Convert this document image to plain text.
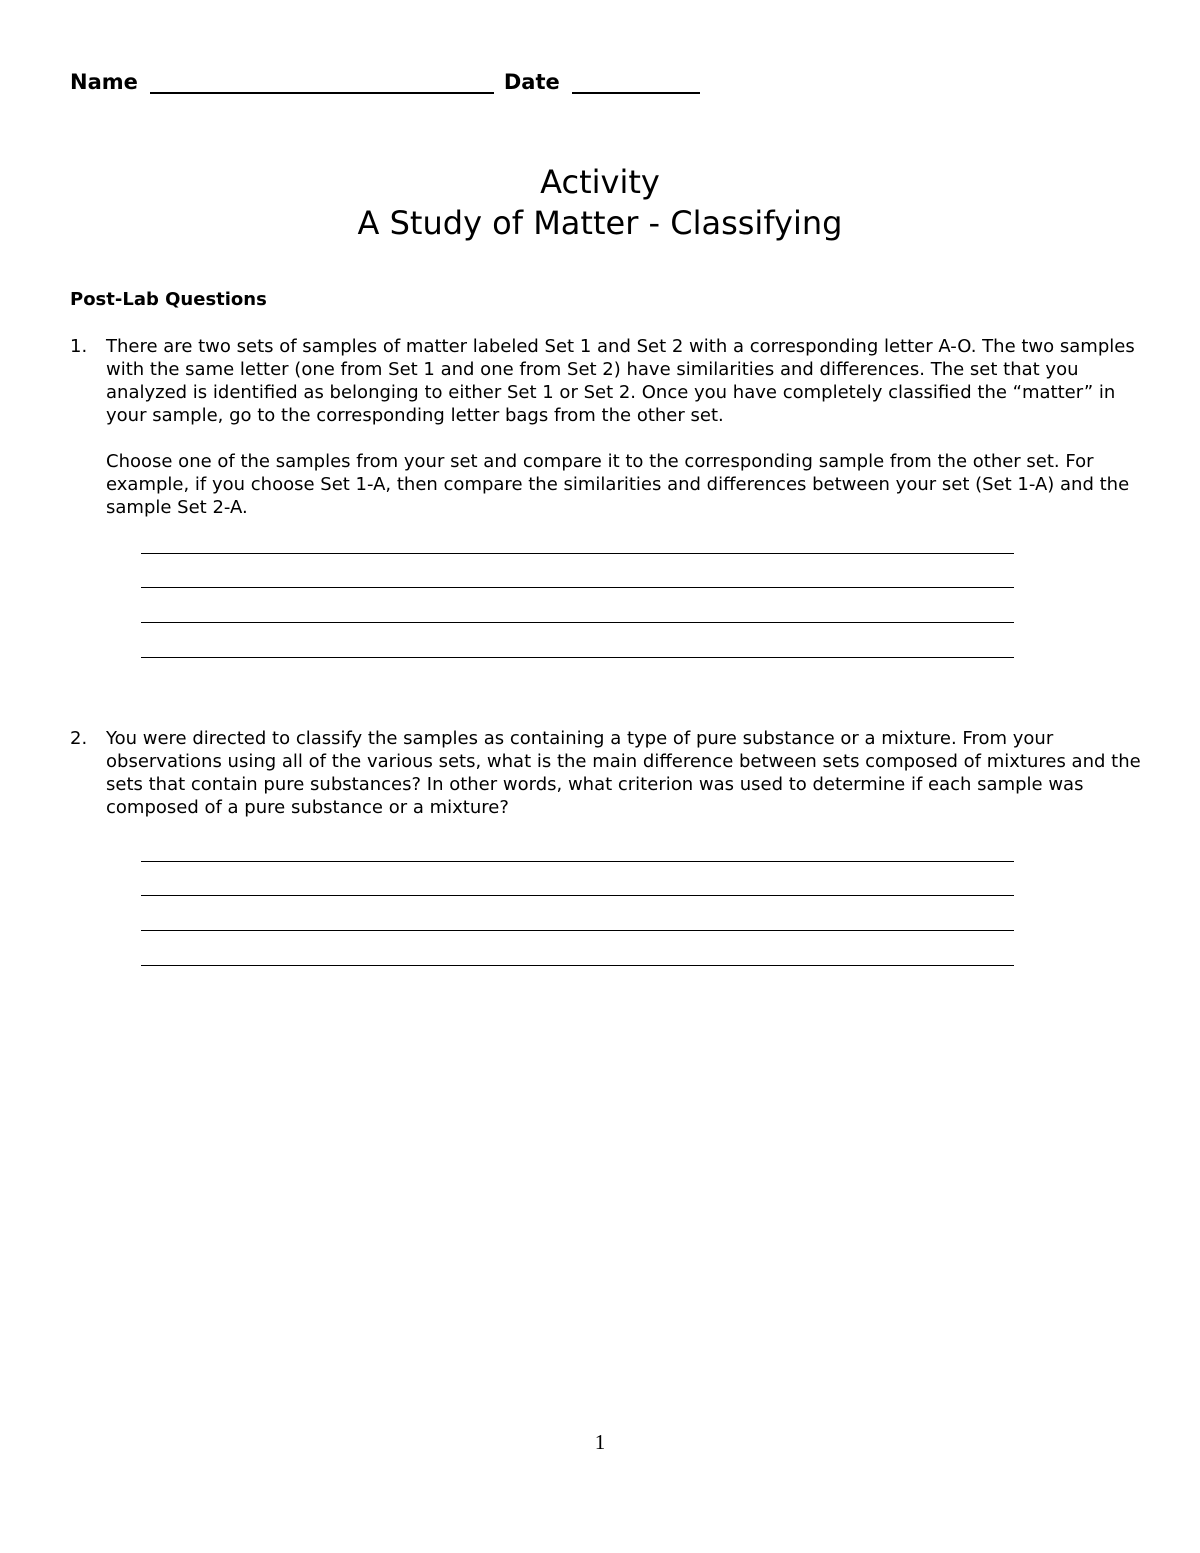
Name	Date
Activity
A Study of Matter - Classifying
Post-Lab Questions
1. There are two sets of samples of matter labeled Set 1 and Set 2 with a corresponding letter A-O. The two samples with the same letter (one from Set 1 and one from Set 2) have similarities and differences. The set that you analyzed is identified as belonging to either Set 1 or Set 2. Once you have completely classified the “matter” in your sample, go to the corresponding letter bags from the other set.

Choose one of the samples from your set and compare it to the corresponding sample from the other set. For example, if you choose Set 1-A, then compare the similarities and differences between your set (Set 1-A) and the sample Set 2-A.

2. You were directed to classify the samples as containing a type of pure substance or a mixture. From your observations using all of the various sets, what is the main difference between sets composed of mixtures and the sets that contain pure substances? In other words, what criterion was used to determine if each sample was composed of a pure substance or a mixture?

1
